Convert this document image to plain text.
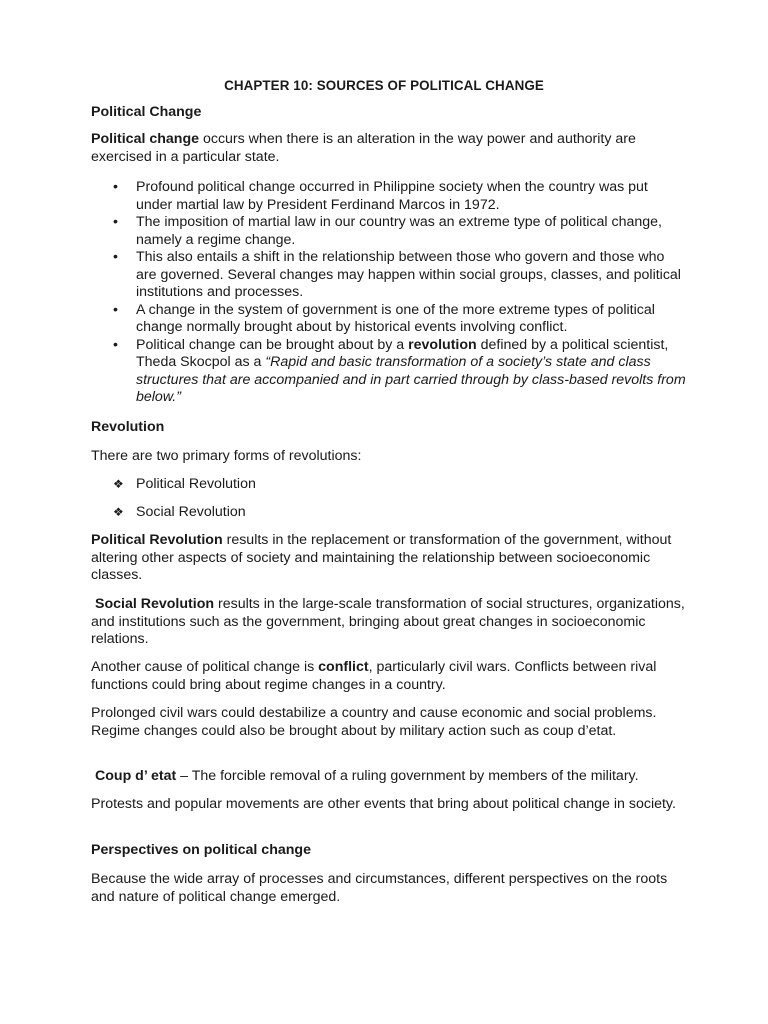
CHAPTER 10: SOURCES OF POLITICAL CHANGE

Political Change

Political change occurs when there is an alteration in the way power and authority are exercised in a particular state.

• Profound political change occurred in Philippine society when the country was put under martial law by President Ferdinand Marcos in 1972.
• The imposition of martial law in our country was an extreme type of political change, namely a regime change.
• This also entails a shift in the relationship between those who govern and those who are governed. Several changes may happen within social groups, classes, and political institutions and processes.
• A change in the system of government is one of the more extreme types of political change normally brought about by historical events involving conflict.
• Political change can be brought about by a revolution defined by a political scientist, Theda Skocpol as a “Rapid and basic transformation of a society’s state and class structures that are accompanied and in part carried through by class-based revolts from below.”

Revolution

There are two primary forms of revolutions:

❖ Political Revolution
❖ Social Revolution

Political Revolution results in the replacement or transformation of the government, without altering other aspects of society and maintaining the relationship between socioeconomic classes.

Social Revolution results in the large-scale transformation of social structures, organizations, and institutions such as the government, bringing about great changes in socioeconomic relations.

Another cause of political change is conflict, particularly civil wars. Conflicts between rival functions could bring about regime changes in a country.

Prolonged civil wars could destabilize a country and cause economic and social problems. Regime changes could also be brought about by military action such as coup d’etat.

Coup d’ etat – The forcible removal of a ruling government by members of the military.

Protests and popular movements are other events that bring about political change in society.

Perspectives on political change

Because the wide array of processes and circumstances, different perspectives on the roots and nature of political change emerged.
